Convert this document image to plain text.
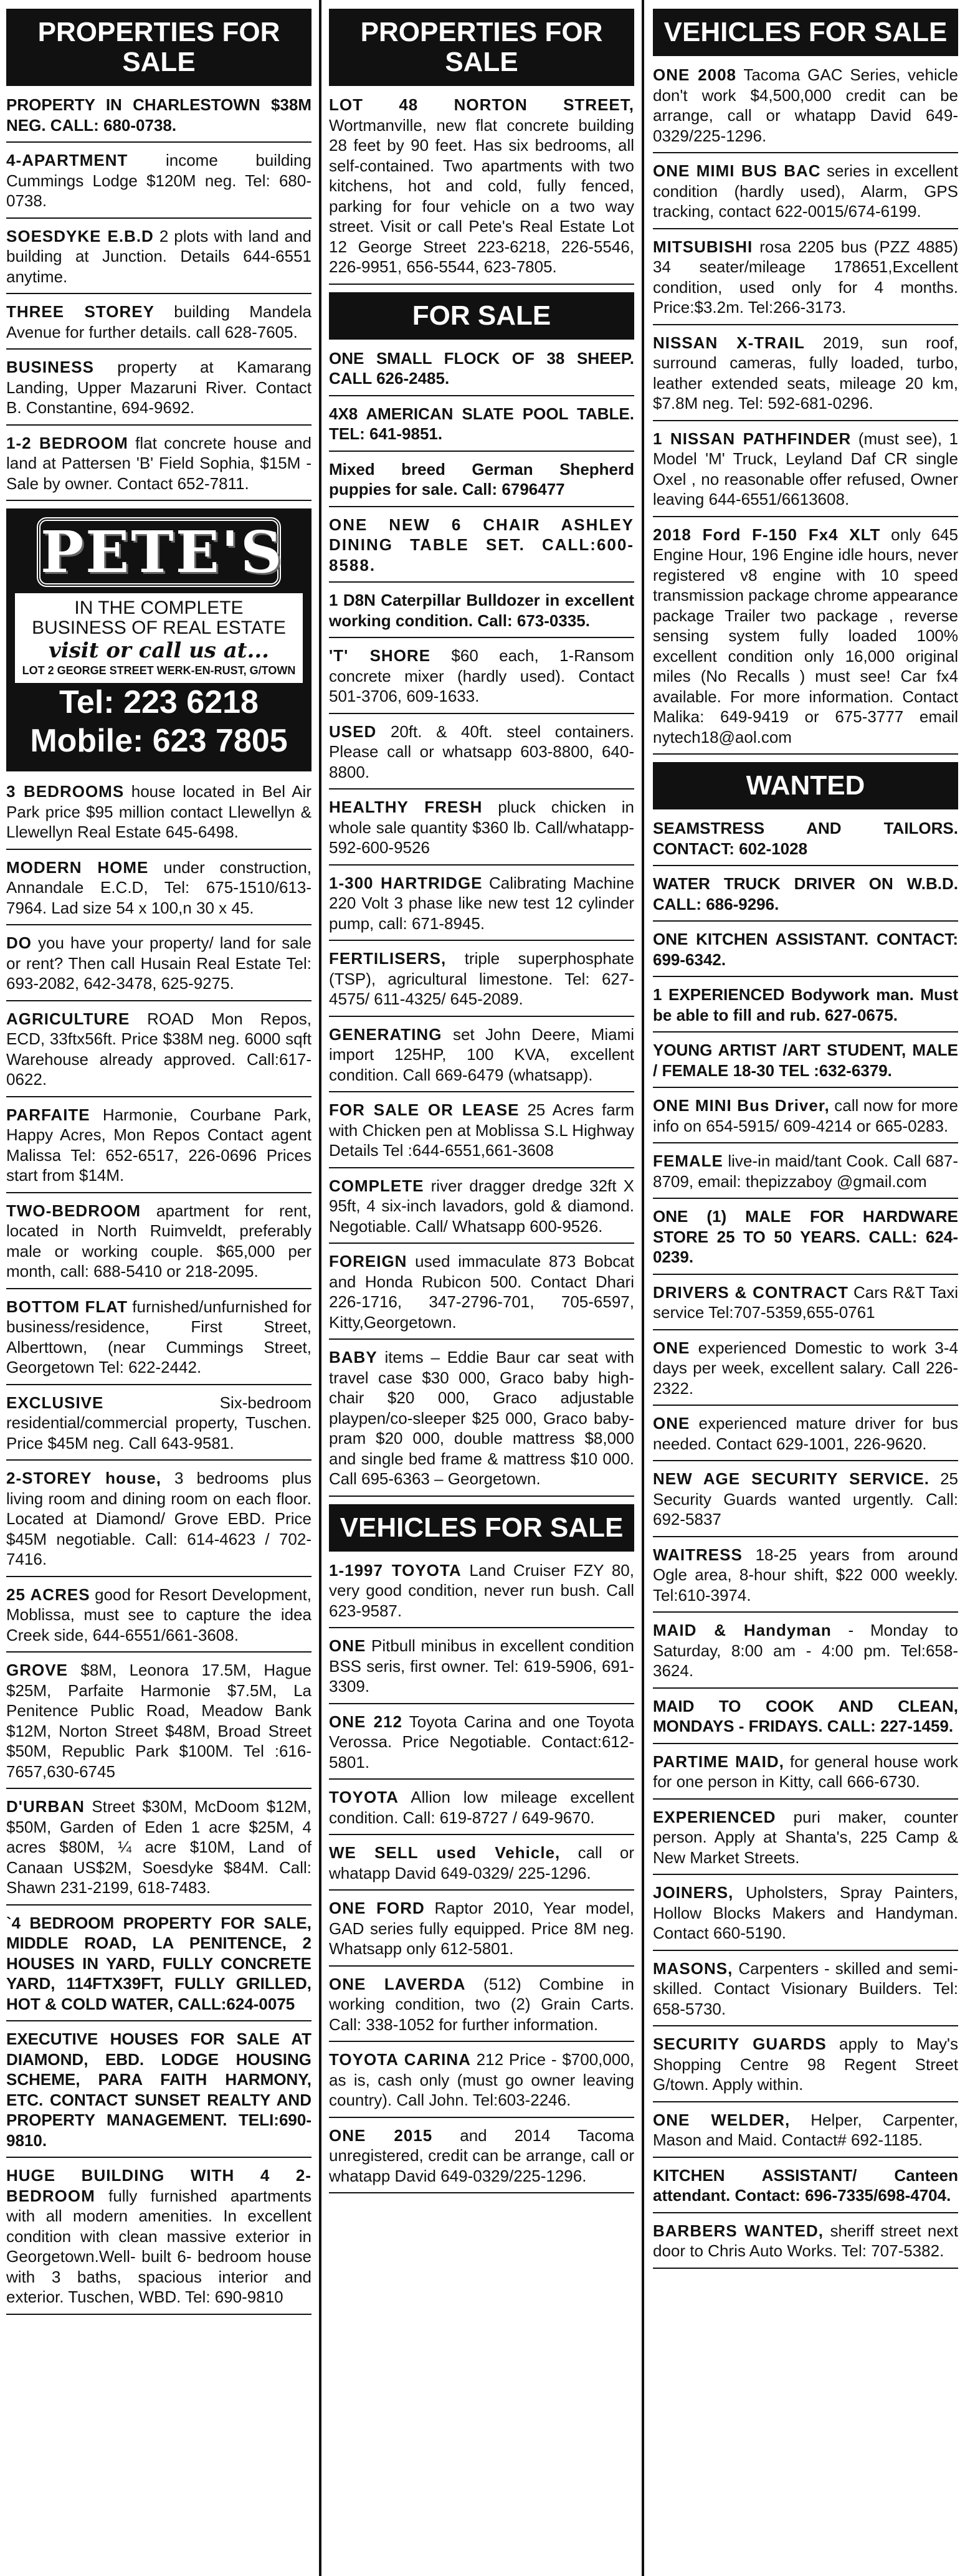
PROPERTIES FOR SALE
PROPERTY IN CHARLESTOWN $38M NEG. CALL: 680-0738.
4-APARTMENT income building Cummings Lodge $120M neg. Tel: 680-0738.
SOESDYKE E.B.D 2 plots with land and building at Junction. Details 644-6551 anytime.
THREE STOREY building Mandela Avenue for further details. call 628-7605.
BUSINESS property at Kamarang Landing, Upper Mazaruni River. Contact B. Constantine, 694-9692.
1-2 BEDROOM flat concrete house and land at Pattersen 'B' Field Sophia, $15M - Sale by owner. Contact 652-7811.
PETE'S
IN THE COMPLETE
BUSINESS OF REAL ESTATE
visit or call us at...
LOT 2 GEORGE STREET WERK-EN-RUST, G/TOWN
Tel: 223 6218
Mobile: 623 7805
3 BEDROOMS house located in Bel Air Park price $95 million contact Llewellyn & Llewellyn Real Estate 645-6498.
MODERN HOME under construction, Annandale E.C.D, Tel: 675-1510/613-7964. Lad size 54 x 100,n 30 x 45.
DO you have your property/ land for sale or rent? Then call Husain Real Estate Tel: 693-2082, 642-3478, 625-9275.
AGRICULTURE ROAD Mon Repos, ECD, 33ftx56ft. Price $38M neg. 6000 sqft Warehouse already approved. Call:617-0622.
PARFAITE Harmonie, Courbane Park, Happy Acres, Mon Repos Contact agent Malissa Tel: 652-6517, 226-0696 Prices start from $14M.
TWO-BEDROOM apartment for rent, located in North Ruimveldt, preferably male or working couple. $65,000 per month, call: 688-5410 or 218-2095.
BOTTOM FLAT furnished/unfurnished for business/residence, First Street, Alberttown, (near Cummings Street, Georgetown Tel: 622-2442.
EXCLUSIVE Six-bedroom residential/commercial property, Tuschen. Price $45M neg. Call 643-9581.
2-STOREY house, 3 bedrooms plus living room and dining room on each floor. Located at Diamond/ Grove EBD. Price $45M negotiable. Call: 614-4623 / 702-7416.
25 ACRES good for Resort Development, Moblissa, must see to capture the idea Creek side, 644-6551/661-3608.
GROVE $8M, Leonora 17.5M, Hague $25M, Parfaite Harmonie $7.5M, La Penitence Public Road, Meadow Bank $12M, Norton Street $48M, Broad Street $50M, Republic Park $100M. Tel :616-7657,630-6745
D'URBAN Street $30M, McDoom $12M, $50M, Garden of Eden 1 acre $25M, 4 acres $80M, ¼ acre $10M, Land of Canaan US$2M, Soesdyke $84M. Call: Shawn 231-2199, 618-7483.
`4 BEDROOM PROPERTY FOR SALE, MIDDLE ROAD, LA PENITENCE, 2 HOUSES IN YARD, FULLY CONCRETE YARD, 114FTX39FT, FULLY GRILLED, HOT & COLD WATER, CALL:624-0075
EXECUTIVE HOUSES FOR SALE AT DIAMOND, EBD. LODGE HOUSING SCHEME, PARA FAITH HARMONY, ETC. CONTACT SUNSET REALTY AND PROPERTY MANAGEMENT. TELI:690-9810.
HUGE BUILDING WITH 4 2- BEDROOM fully furnished apartments with all modern amenities. In excellent condition with clean massive exterior in Georgetown.Well- built 6- bedroom house with 3 baths, spacious interior and exterior. Tuschen, WBD. Tel: 690-9810
PROPERTIES FOR SALE
LOT 48 NORTON STREET, Wortmanville, new flat concrete building 28 feet by 90 feet. Has six bedrooms, all self-contained. Two apartments with two kitchens, hot and cold, fully fenced, parking for four vehicle on a two way street. Visit or call Pete's Real Estate Lot 12 George Street 223-6218, 226-5546, 226-9951, 656-5544, 623-7805.
FOR SALE
ONE SMALL FLOCK OF 38 SHEEP. CALL 626-2485.
4X8 AMERICAN SLATE POOL TABLE. TEL: 641-9851.
Mixed breed German Shepherd puppies for sale. Call: 6796477
ONE NEW 6 CHAIR ASHLEY DINING TABLE SET. CALL:600-8588.
1 D8N Caterpillar Bulldozer in excellent working condition. Call: 673-0335.
'T' SHORE $60 each, 1-Ransom concrete mixer (hardly used). Contact 501-3706, 609-1633.
USED 20ft. & 40ft. steel containers. Please call or whatsapp 603-8800, 640-8800.
HEALTHY FRESH pluck chicken in whole sale quantity $360 lb. Call/whatapp- 592-600-9526
1-300 HARTRIDGE Calibrating Machine 220 Volt 3 phase like new test 12 cylinder pump, call: 671-8945.
FERTILISERS, triple superphosphate (TSP), agricultural limestone. Tel: 627-4575/ 611-4325/ 645-2089.
GENERATING set John Deere, Miami import 125HP, 100 KVA, excellent condition. Call 669-6479 (whatsapp).
FOR SALE OR LEASE 25 Acres farm with Chicken pen at Moblissa S.L Highway Details Tel :644-6551,661-3608
COMPLETE river dragger dredge 32ft X 95ft, 4 six-inch lavadors, gold & diamond. Negotiable. Call/ Whatsapp 600-9526.
FOREIGN used immaculate 873 Bobcat and Honda Rubicon 500. Contact Dhari 226-1716, 347-2796-701, 705-6597, Kitty,Georgetown.
BABY items – Eddie Baur car seat with travel case $30 000, Graco baby high-chair $20 000, Graco adjustable playpen/co-sleeper $25 000, Graco baby-pram $20 000, double mattress $8,000 and single bed frame & mattress $10 000. Call 695-6363 – Georgetown.
VEHICLES FOR SALE
1-1997 TOYOTA Land Cruiser FZY 80, very good condition, never run bush. Call 623-9587.
ONE Pitbull minibus in excellent condition BSS seris, first owner. Tel: 619-5906, 691-3309.
ONE 212 Toyota Carina and one Toyota Verossa. Price Negotiable. Contact:612-5801.
TOYOTA Allion low mileage excellent condition. Call: 619-8727 / 649-9670.
WE SELL used Vehicle, call or whatapp David 649-0329/ 225-1296.
ONE FORD Raptor 2010, Year model, GAD series fully equipped. Price 8M neg. Whatsapp only 612-5801.
ONE LAVERDA (512) Combine in working condition, two (2) Grain Carts. Call: 338-1052 for further information.
TOYOTA CARINA 212 Price - $700,000, as is, cash only (must go owner leaving country). Call John. Tel:603-2246.
ONE 2015 and 2014 Tacoma unregistered, credit can be arrange, call or whatapp David 649-0329/225-1296.
VEHICLES FOR SALE
ONE 2008 Tacoma GAC Series, vehicle don't work $4,500,000 credit can be arrange, call or whatapp David 649-0329/225-1296.
ONE MIMI BUS BAC series in excellent condition (hardly used), Alarm, GPS tracking, contact 622-0015/674-6199.
MITSUBISHI rosa 2205 bus (PZZ 4885) 34 seater/mileage 178651,Excellent condition, used only for 4 months. Price:$3.2m. Tel:266-3173.
NISSAN X-TRAIL 2019, sun roof, surround cameras, fully loaded, turbo, leather extended seats, mileage 20 km, $7.8M neg. Tel: 592-681-0296.
1 NISSAN PATHFINDER (must see), 1 Model 'M' Truck, Leyland Daf CR single Oxel , no reasonable offer refused, Owner leaving 644-6551/6613608.
2018 Ford F-150 Fx4 XLT only 645 Engine Hour, 196 Engine idle hours, never registered v8 engine with 10 speed transmission package chrome appearance package Trailer two package , reverse sensing system fully loaded 100% excellent condition only 16,000 original miles (No Recalls ) must see! Car fx4 available. For more information. Contact Malika: 649-9419 or 675-3777 email nytech18@aol.com
WANTED
SEAMSTRESS AND TAILORS. CONTACT: 602-1028
WATER TRUCK DRIVER ON W.B.D. CALL: 686-9296.
ONE KITCHEN ASSISTANT. CONTACT: 699-6342.
1 EXPERIENCED Bodywork man. Must be able to fill and rub. 627-0675.
YOUNG ARTIST /ART STUDENT, MALE / FEMALE 18-30 TEL :632-6379.
ONE MINI Bus Driver, call now for more info on 654-5915/ 609-4214 or 665-0283.
FEMALE live-in maid/tant Cook. Call 687-8709, email: thepizzaboy @gmail.com
ONE (1) MALE FOR HARDWARE STORE 25 TO 50 YEARS. CALL: 624-0239.
DRIVERS & CONTRACT Cars R&T Taxi service Tel:707-5359,655-0761
ONE experienced Domestic to work 3-4 days per week, excellent salary. Call 226-2322.
ONE experienced mature driver for bus needed. Contact 629-1001, 226-9620.
NEW AGE SECURITY SERVICE. 25 Security Guards wanted urgently. Call: 692-5837
WAITRESS 18-25 years from around Ogle area, 8-hour shift, $22 000 weekly. Tel:610-3974.
MAID & Handyman - Monday to Saturday, 8:00 am - 4:00 pm. Tel:658-3624.
MAID TO COOK AND CLEAN, MONDAYS - FRIDAYS. CALL: 227-1459.
PARTIME MAID, for general house work for one person in Kitty, call 666-6730.
EXPERIENCED puri maker, counter person. Apply at Shanta's, 225 Camp & New Market Streets.
JOINERS, Upholsters, Spray Painters, Hollow Blocks Makers and Handyman. Contact 660-5190.
MASONS, Carpenters - skilled and semi-skilled. Contact Visionary Builders. Tel: 658-5730.
SECURITY GUARDS apply to May's Shopping Centre 98 Regent Street G/town. Apply within.
ONE WELDER, Helper, Carpenter, Mason and Maid. Contact# 692-1185.
KITCHEN ASSISTANT/ Canteen attendant. Contact: 696-7335/698-4704.
BARBERS WANTED, sheriff street next door to Chris Auto Works. Tel: 707-5382.
